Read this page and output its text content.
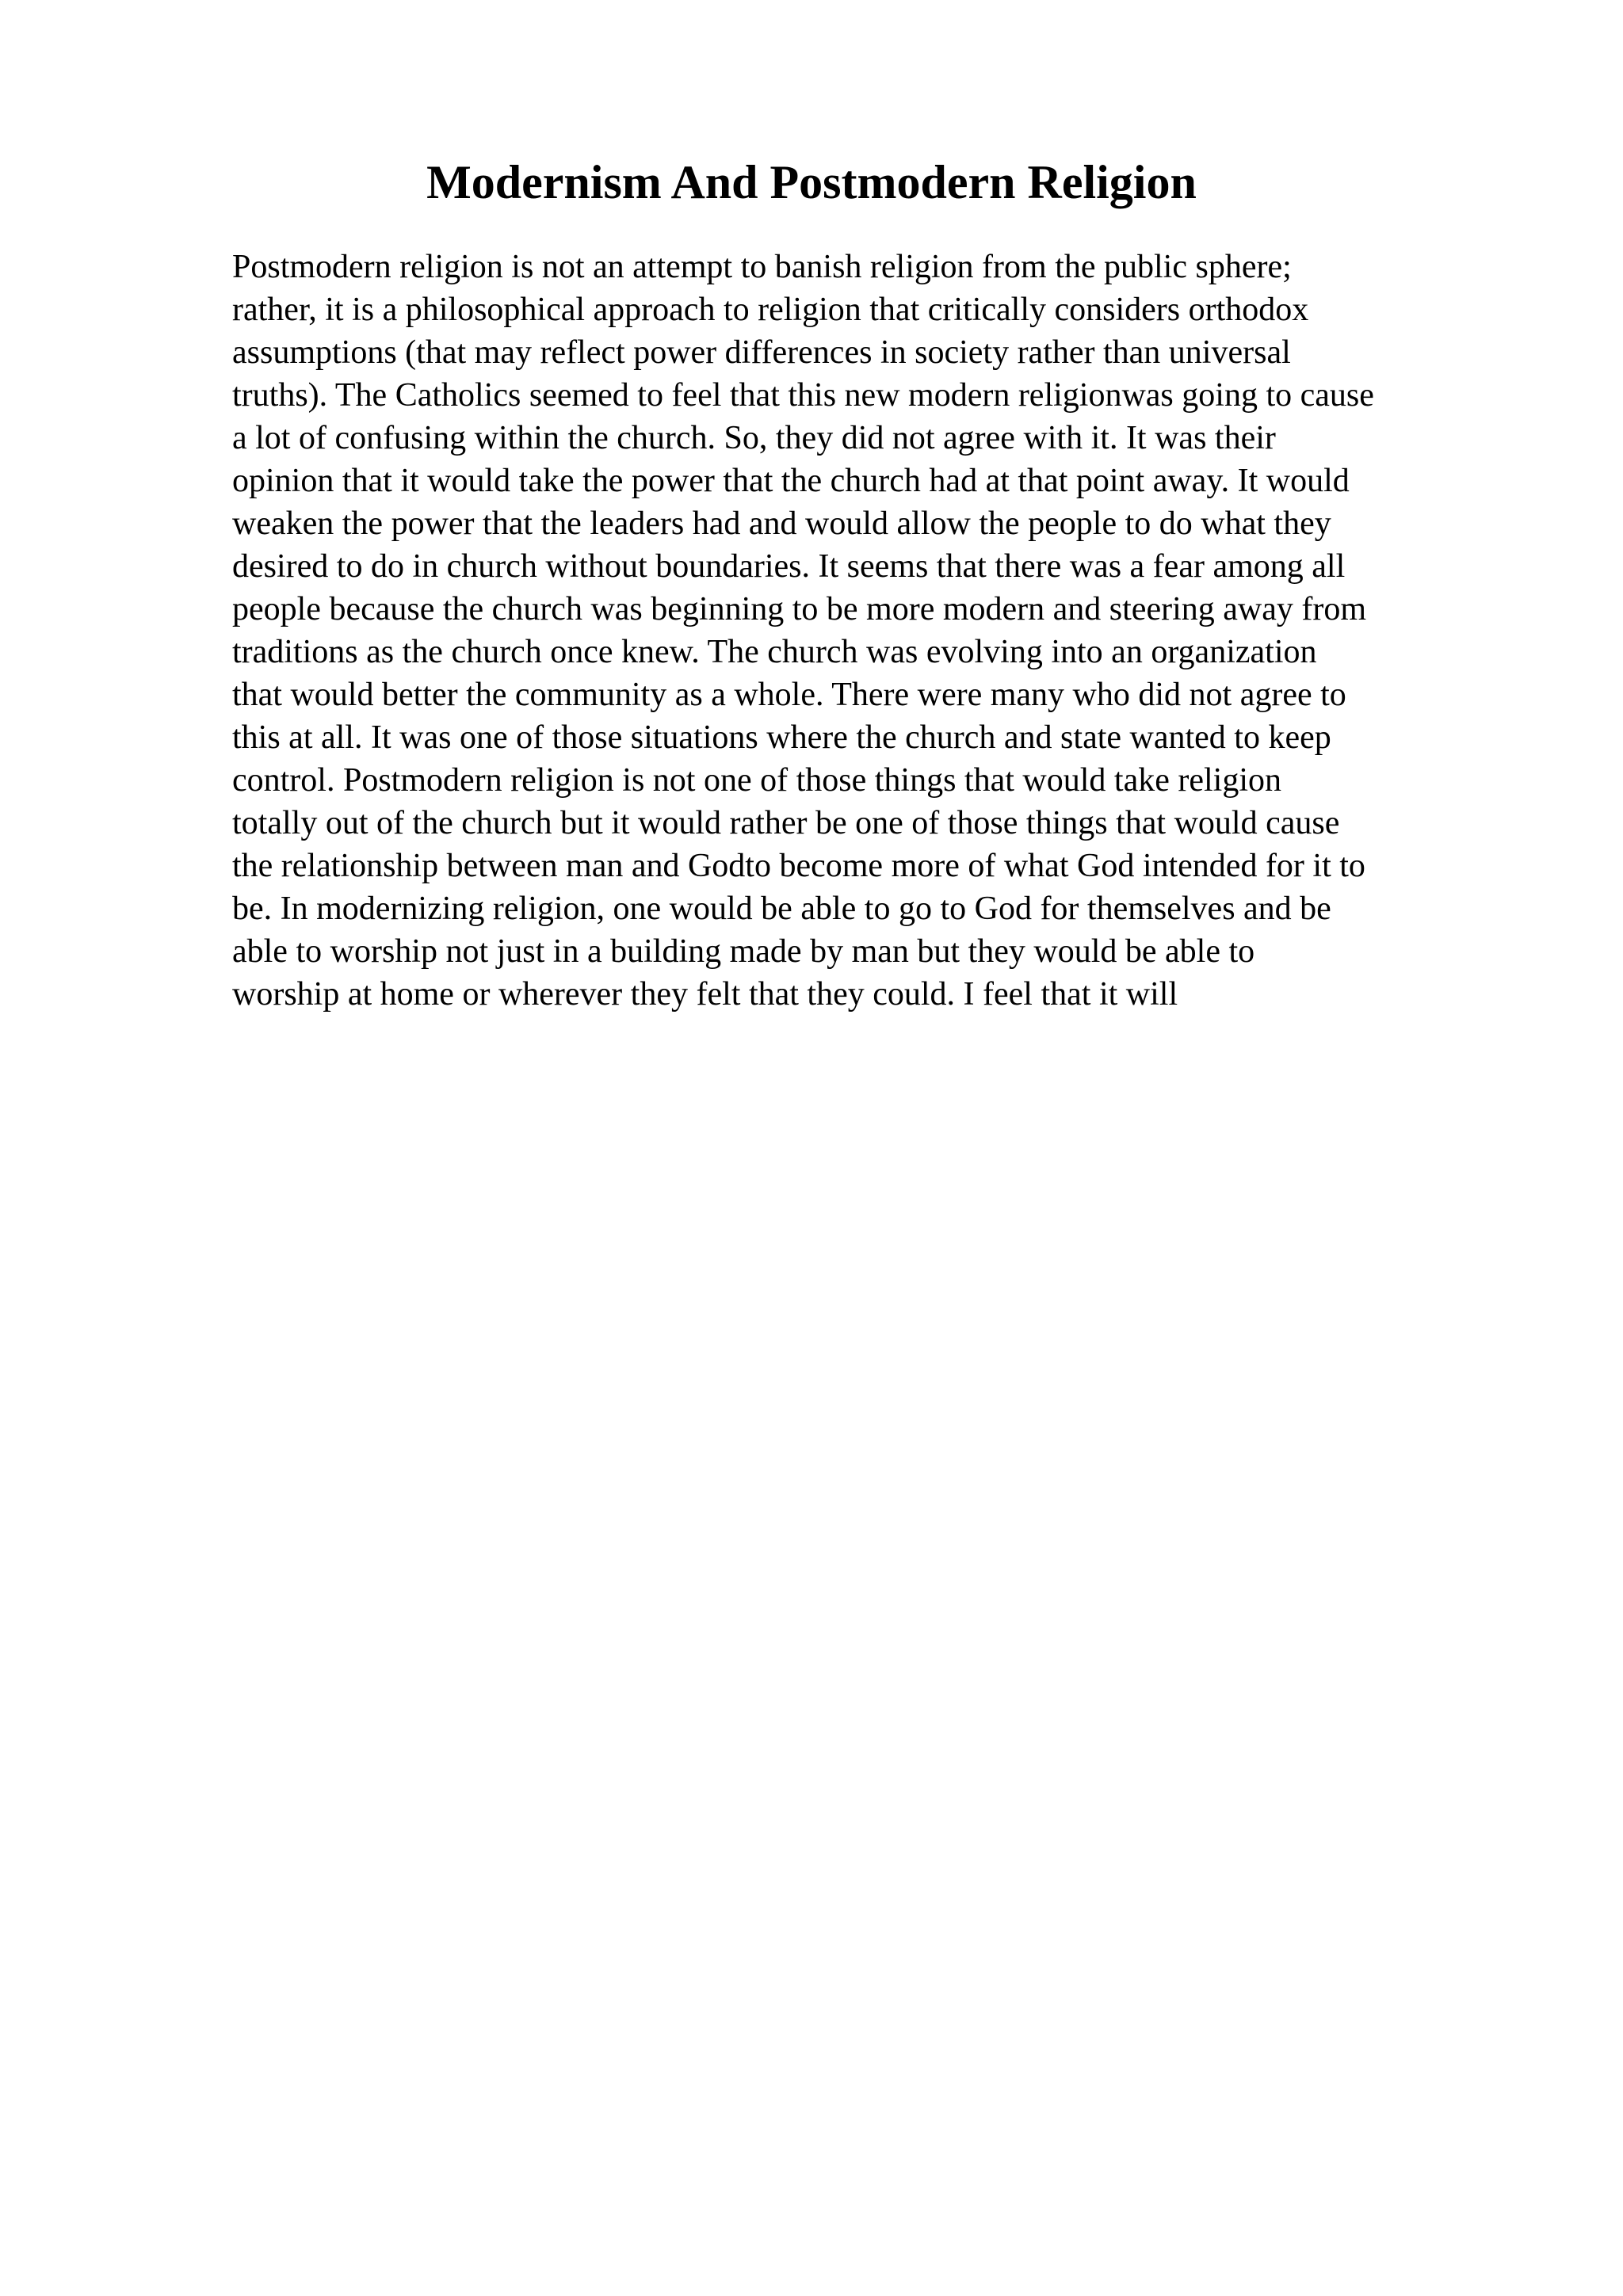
Modernism And Postmodern Religion
Postmodern religion is not an attempt to banish religion from the public sphere;
rather, it is a philosophical approach to religion that critically considers orthodox
assumptions (that may reflect power differences in society rather than universal
truths). The Catholics seemed to feel that this new modern religionwas going to cause
a lot of confusing within the church. So, they did not agree with it. It was their
opinion that it would take the power that the church had at that point away. It would
weaken the power that the leaders had and would allow the people to do what they
desired to do in church without boundaries. It seems that there was a fear among all
people because the church was beginning to be more modern and steering away from
traditions as the church once knew. The church was evolving into an organization
that would better the community as a whole. There were many who did not agree to
this at all. It was one of those situations where the church and state wanted to keep
control. Postmodern religion is not one of those things that would take religion
totally out of the church but it would rather be one of those things that would cause
the relationship between man and Godto become more of what God intended for it to
be. In modernizing religion, one would be able to go to God for themselves and be
able to worship not just in a building made by man but they would be able to
worship at home or wherever they felt that they could. I feel that it will
